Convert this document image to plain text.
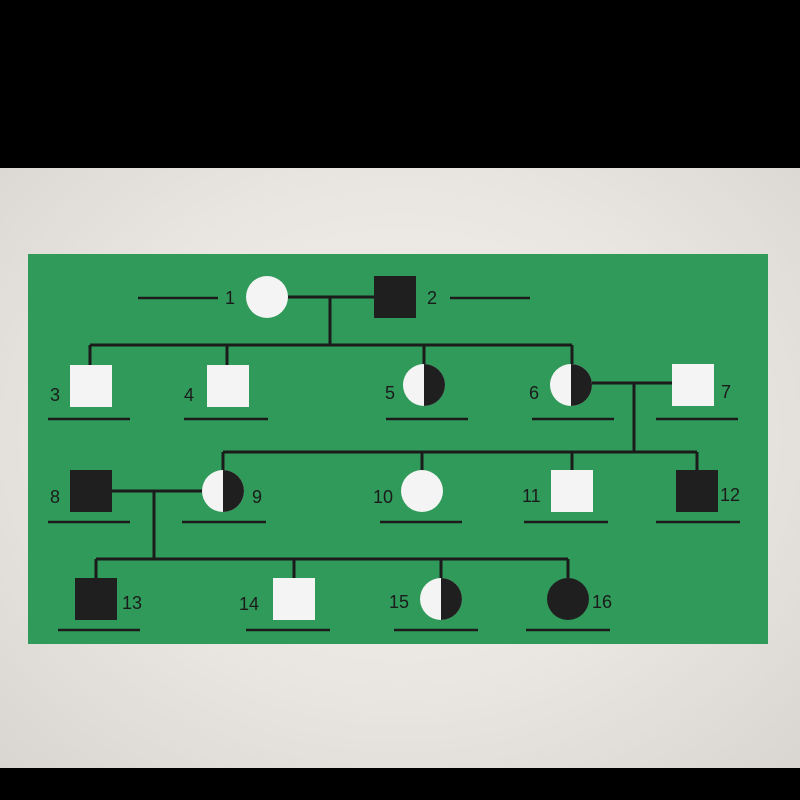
1	2
3	4	5	6	7
8	9	10	11	12
13	14	15	16
